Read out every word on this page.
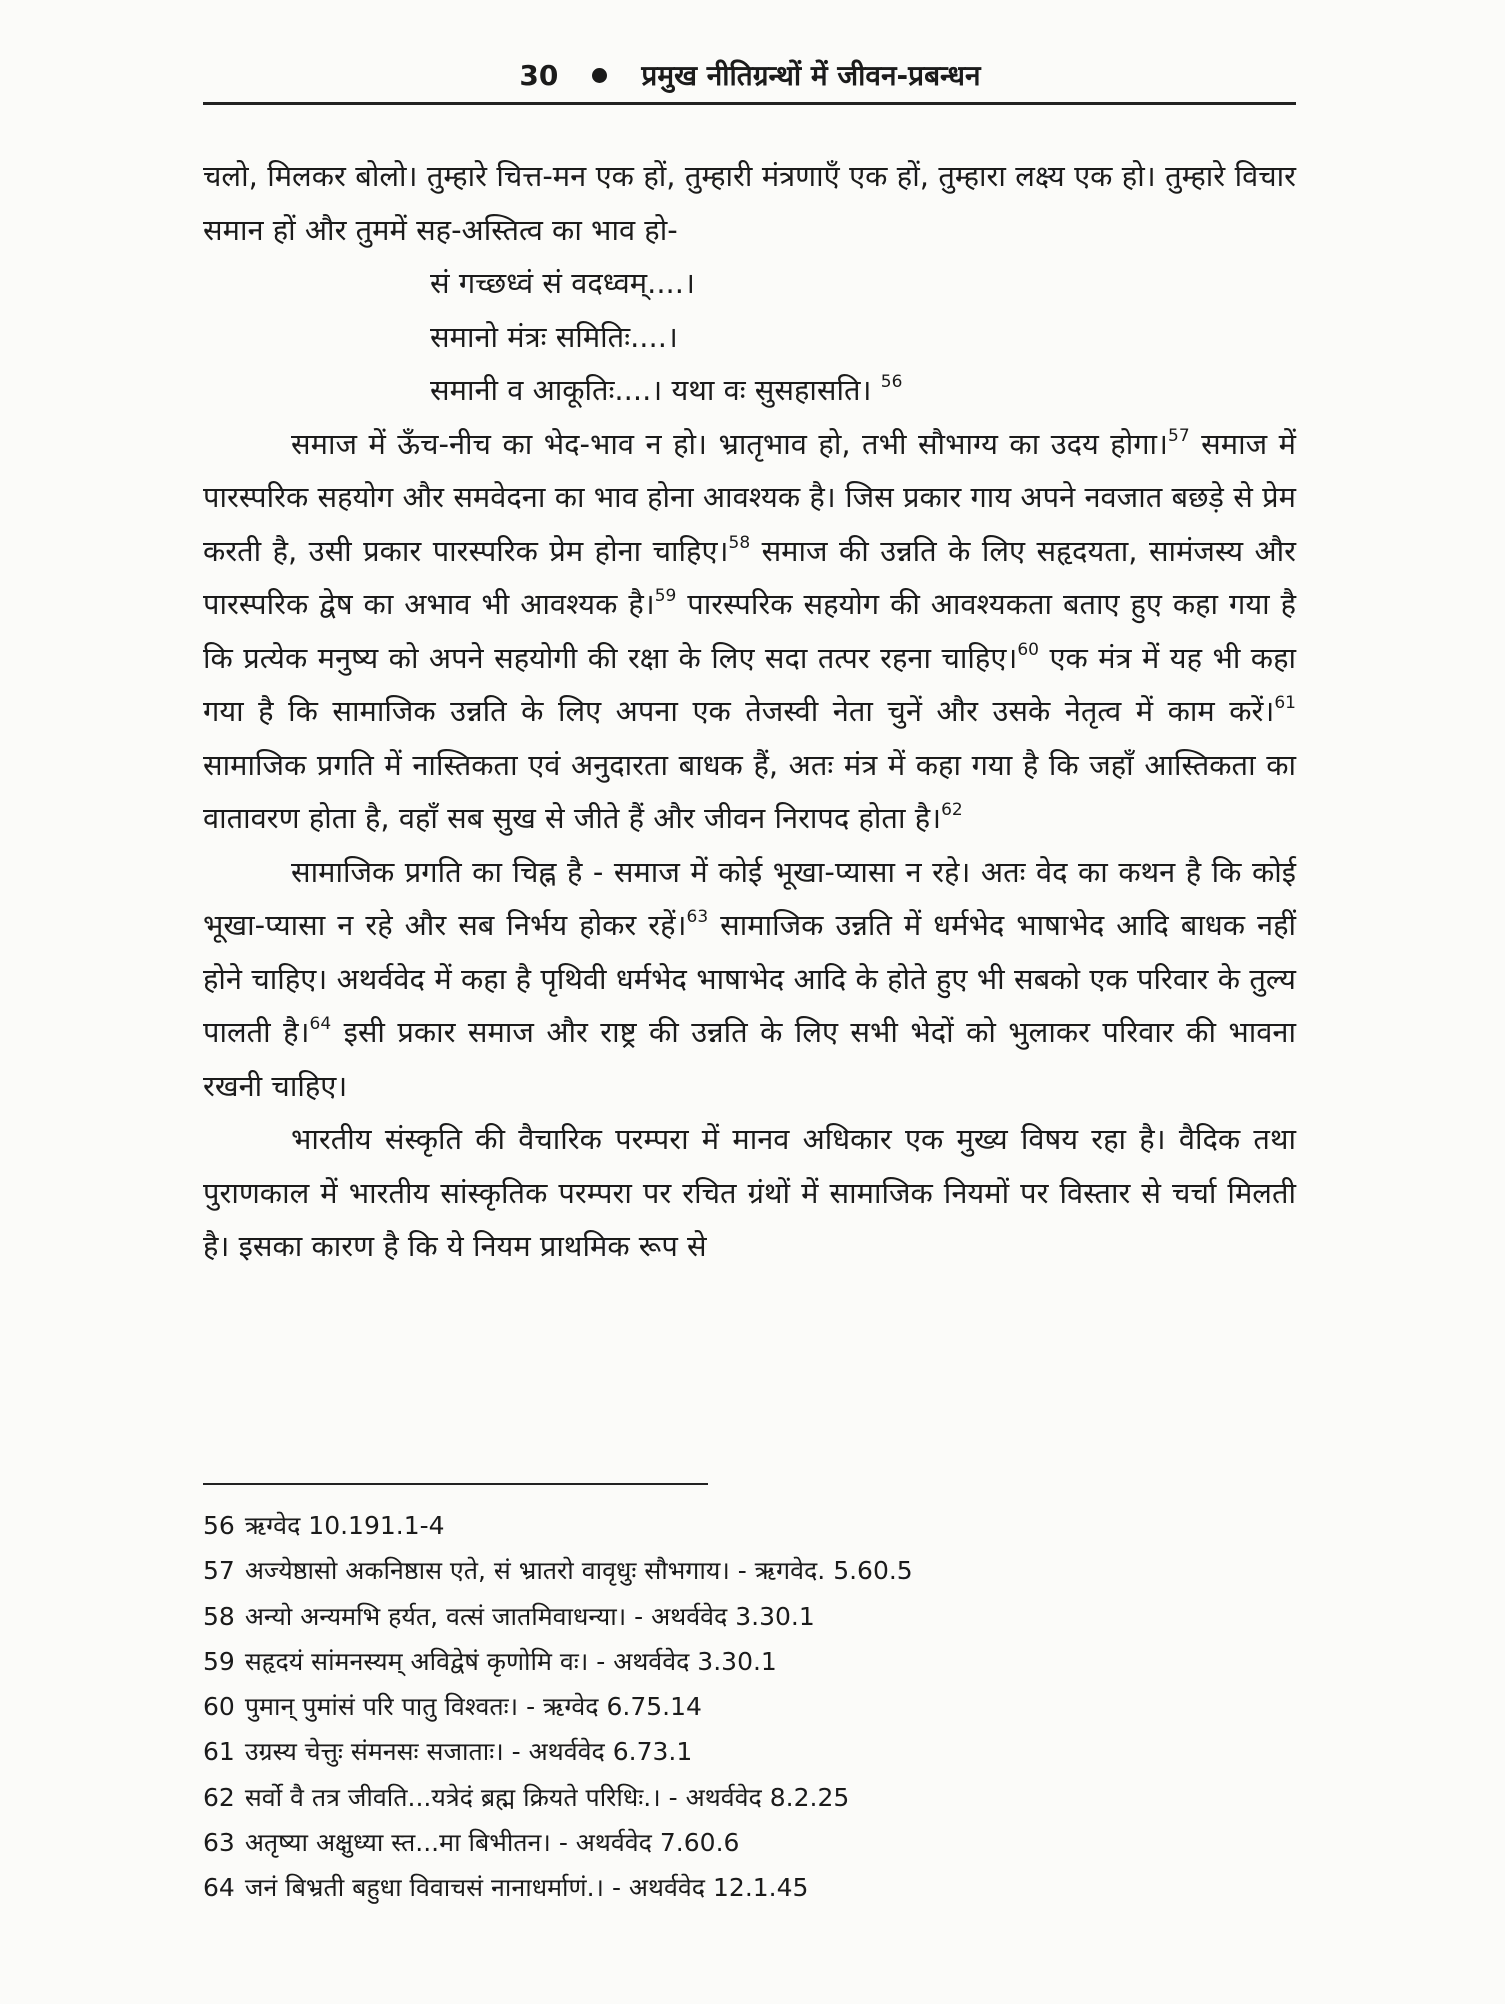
30	प्रमुख नीतिग्रन्थों में जीवन-प्रबन्धन

चलो, मिलकर बोलो। तुम्हारे चित्त-मन एक हों, तुम्हारी मंत्रणाएँ एक हों, तुम्हारा लक्ष्य एक हो। तुम्हारे विचार समान हों और तुममें सह-अस्तित्व का भाव हो-

सं गच्छध्वं सं वदध्वम्....।

समानो मंत्रः समितिः....।

समानी व आकूतिः....। यथा वः सुसहासति। $^{56}$

समाज में ऊँच-नीच का भेद-भाव न हो। भ्रातृभाव हो, तभी सौभाग्य का उदय होगा।$^{57}$ समाज में पारस्परिक सहयोग और समवेदना का भाव होना आवश्यक है। जिस प्रकार गाय अपने नवजात बछड़े से प्रेम करती है, उसी प्रकार पारस्परिक प्रेम होना चाहिए।$^{58}$ समाज की उन्नति के लिए सहृदयता, सामंजस्य और पारस्परिक द्वेष का अभाव भी आवश्यक है।$^{59}$ पारस्परिक सहयोग की आवश्यकता बताए हुए कहा गया है कि प्रत्येक मनुष्य को अपने सहयोगी की रक्षा के लिए सदा तत्पर रहना चाहिए।$^{60}$ एक मंत्र में यह भी कहा गया है कि सामाजिक उन्नति के लिए अपना एक तेजस्वी नेता चुनें और उसके नेतृत्व में काम करें।$^{61}$ सामाजिक प्रगति में नास्तिकता एवं अनुदारता बाधक हैं, अतः मंत्र में कहा गया है कि जहाँ आस्तिकता का वातावरण होता है, वहाँ सब सुख से जीते हैं और जीवन निरापद होता है।$^{62}$

सामाजिक प्रगति का चिह्न है - समाज में कोई भूखा-प्यासा न रहे। अतः वेद का कथन है कि कोई भूखा-प्यासा न रहे और सब निर्भय होकर रहें।$^{63}$ सामाजिक उन्नति में धर्मभेद भाषाभेद आदि बाधक नहीं होने चाहिए। अथर्ववेद में कहा है पृथिवी धर्मभेद भाषाभेद आदि के होते हुए भी सबको एक परिवार के तुल्य पालती है।$^{64}$ इसी प्रकार समाज और राष्ट्र की उन्नति के लिए सभी भेदों को भुलाकर परिवार की भावना रखनी चाहिए।

भारतीय संस्कृति की वैचारिक परम्परा में मानव अधिकार एक मुख्य विषय रहा है। वैदिक तथा पुराणकाल में भारतीय सांस्कृतिक परम्परा पर रचित ग्रंथों में सामाजिक नियमों पर विस्तार से चर्चा मिलती है। इसका कारण है कि ये नियम प्राथमिक रूप से

56 ऋग्वेद 10.191.1-4

57 अज्येष्ठासो अकनिष्ठास एते, सं भ्रातरो वावृधुः सौभगाय। - ऋगवेद. 5.60.5

58 अन्यो अन्यमभि हर्यत, वत्सं जातमिवाधन्या। - अथर्ववेद 3.30.1

59 सहृदयं सांमनस्यम् अविद्वेषं कृणोमि वः। - अथर्ववेद 3.30.1

60 पुमान् पुमांसं परि पातु विश्वतः। - ऋग्वेद 6.75.14

61 उग्रस्य चेत्तुः संमनसः सजाताः। - अथर्ववेद 6.73.1

62 सर्वो वै तत्र जीवति...यत्रेदं ब्रह्म क्रियते परिधिः.। - अथर्ववेद 8.2.25

63 अतृष्या अक्षुध्या स्त...मा बिभीतन। - अथर्ववेद 7.60.6

64 जनं बिभ्रती बहुधा विवाचसं नानाधर्माणं.। - अथर्ववेद 12.1.45
